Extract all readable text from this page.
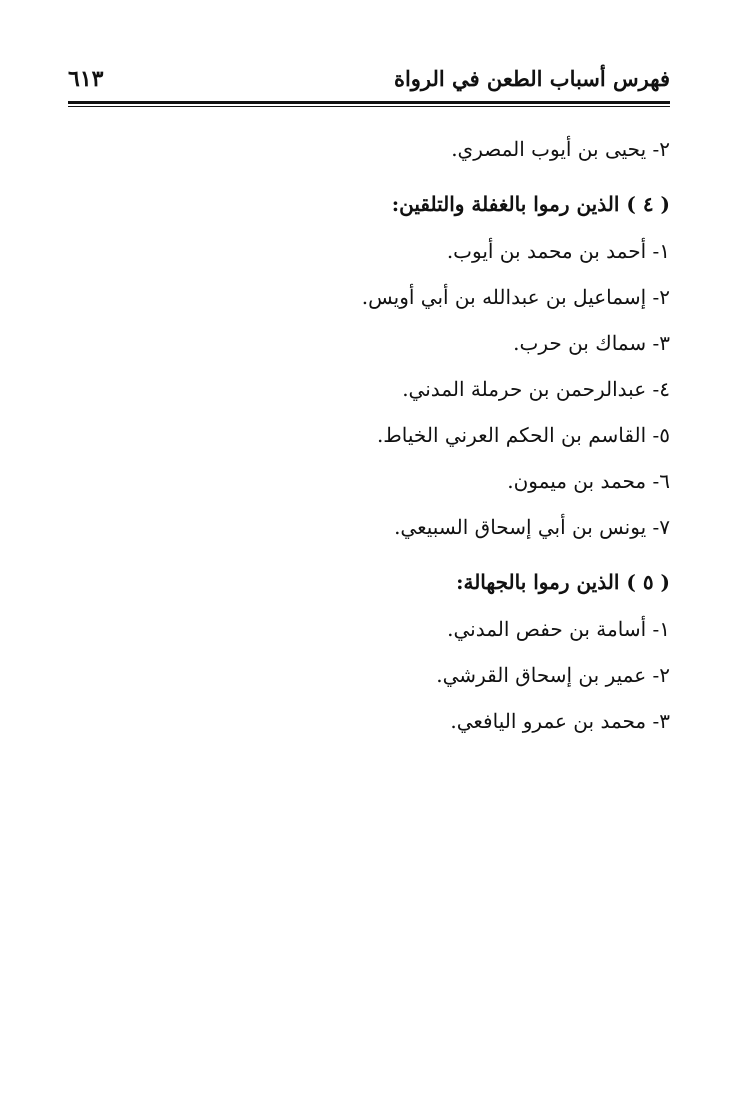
فهرس أسباب الطعن في الرواة
٦١٣
٢- يحيى بن أيوب المصري.
( ٤ ) الذين رموا بالغفلة والتلقين:
١- أحمد بن محمد بن أيوب.
٢- إسماعيل بن عبدالله بن أبي أويس.
٣- سماك بن حرب.
٤- عبدالرحمن بن حرملة المدني.
٥- القاسم بن الحكم العرني الخياط.
٦- محمد بن ميمون.
٧- يونس بن أبي إسحاق السبيعي.
( ٥ ) الذين رموا بالجهالة:
١- أسامة بن حفص المدني.
٢- عمير بن إسحاق القرشي.
٣- محمد بن عمرو اليافعي.
